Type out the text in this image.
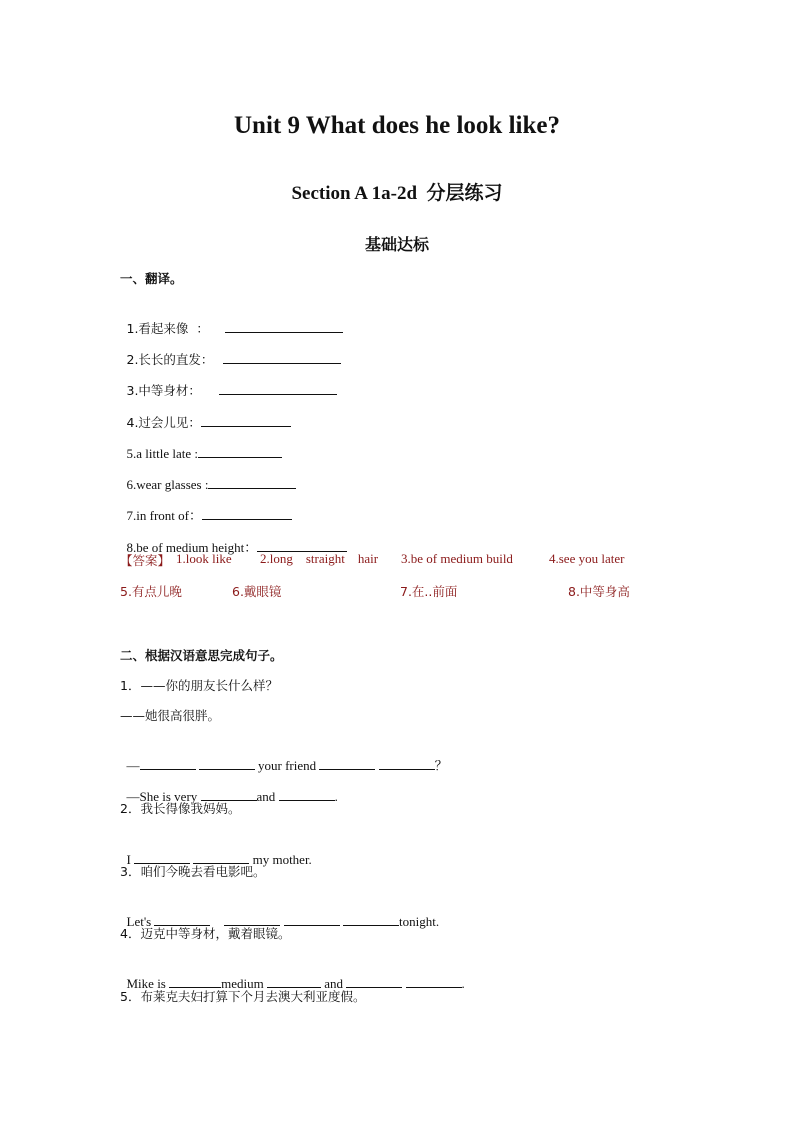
Unit 9 What does he look like?
Section A 1a-2d  分层练习
基础达标
一、翻译。

1.看起来像  ：

2.长长的直发：

3.中等身材：

4.过会儿见：

5.a little late :

6.wear glasses :

7.in front of：

8.be of medium height：

【答案】 1.look like 2.long    straight    hair 3.be of medium build	4.see you later
5.有点儿晚	6.戴眼镜	7.在..前面	8.中等身高
二、根据汉语意思完成句子。
1．——你的朋友长什么样？
——她很高很胖。

—	your friend	？

—She is very	and	.

2．我长得像我妈妈。

I	my mother.

3．咱们今晚去看电影吧。

Let's	tonight.

4．迈克中等身材，戴着眼镜。

Mike is	medium	and	.

5．布莱克夫妇打算下个月去澳大利亚度假。
